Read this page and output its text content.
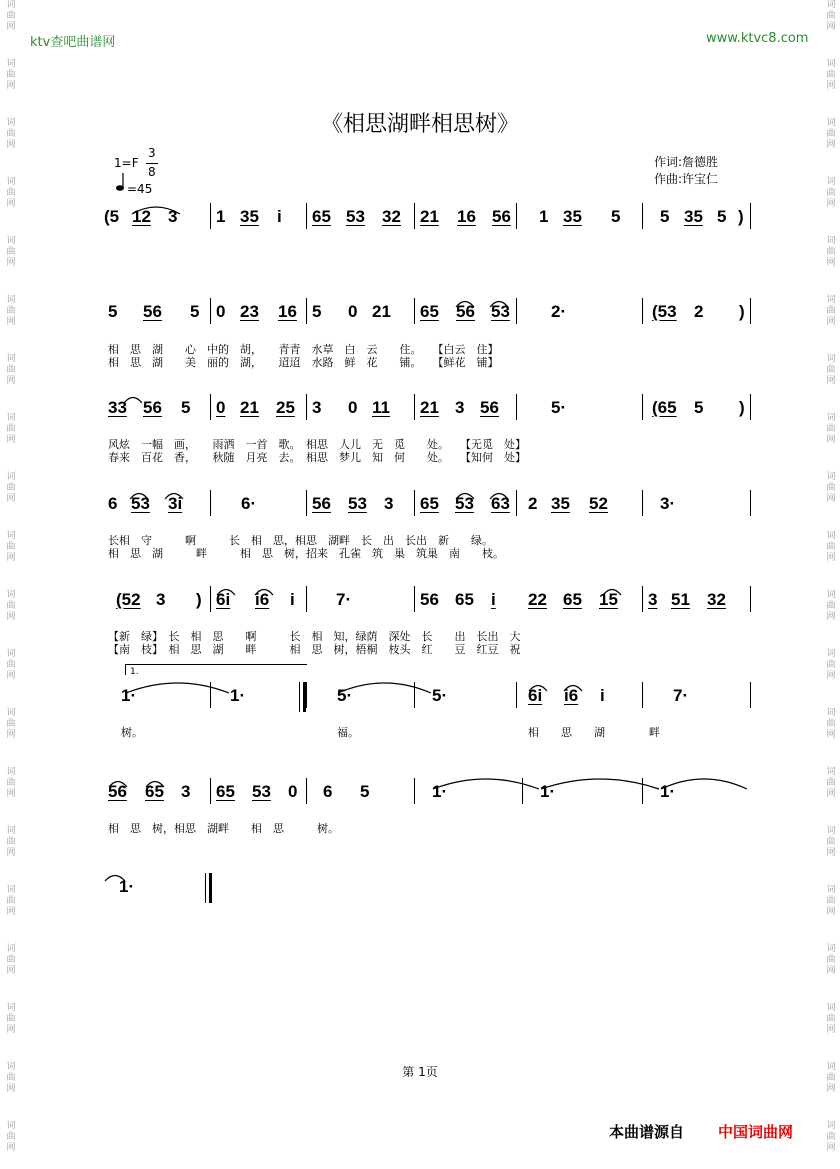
词
曲
网
词
曲
网
词
曲
网
词
曲
网
词
曲
网
词
曲
网
词
曲
网
词
曲
网
词
曲
网
词
曲
网
词
曲
网
词
曲
网
词
曲
网
词
曲
网
词
曲
网
词
曲
网
词
曲
网
词
曲
网
词
曲
网
词
曲
网
词
曲
网
词
曲
网
词
曲
网
词
曲
网
词
曲
网
词
曲
网
词
曲
网
词
曲
网
词
曲
网
词
曲
网
词
曲
网
词
曲
网
词
曲
网
词
曲
网
词
曲
网
词
曲
网
词
曲
网
词
曲
网
词
曲
网
词
曲
网
ktv查吧曲谱网	www.ktvc8.com
《相思湖畔相思树》
1=F
3
8
=45
作词:詹德胜
作曲:许宝仁
(5 12 3 1 35 i 65 53 32 21 16 56 1 35 5 5 35 5 )
5 56 5 0 23 16 5 0 21 65 56 53 2·	(53 2 )
相　思　湖　　心　中的　胡，　　青青　水草　白　云　　住。　　【白云　住】
相　思　湖　　美　丽的　湖，　　迢迢　水路　鲜　花　　铺。　　【鲜花　铺】
33 56 5 0 21 25 3 0 11 21 3 56	5·	(65 5 )
风炫　一幅　画，　　雨洒　一首　歌。　相思　人儿　无　觅　　处。　　【无觅　处】
春来　百花　香，　　秋随　月亮　去。　相思　梦儿　知　何　　处。　　【知何　处】
6 53 3i	6·	56 53 3 65 53 63 2 35 52	3·
长相　守　　　啊　　　长　相　思，相思　湖畔　长　出　长出　新　　绿。
相　思　湖　　　畔　　　相　思　树，招来　孔雀　筑　巢　筑巢　南　　枝。
(52 3 ) 6i i6 i 7·	56 65 i 22 65 15 3 51 32
【新　绿】　长　相　思　　啊　　　长　相　知，绿荫　深处　长　　出　长出　大
【南　枝】　相　思　湖　　畔　　　相　思　树，梧桐　枝头　红　　豆　红豆　祝
1·	1·	5·	5·	6i i6 i	7·
树。	福。	相　　思　　湖　　　　畔
1.
56 65 3 65 53 0 6 5	1·	1·	1·
相　思　树，相思　湖畔　　相　思　　　树。
1·
第 1页
本曲谱源自 中国词曲网
